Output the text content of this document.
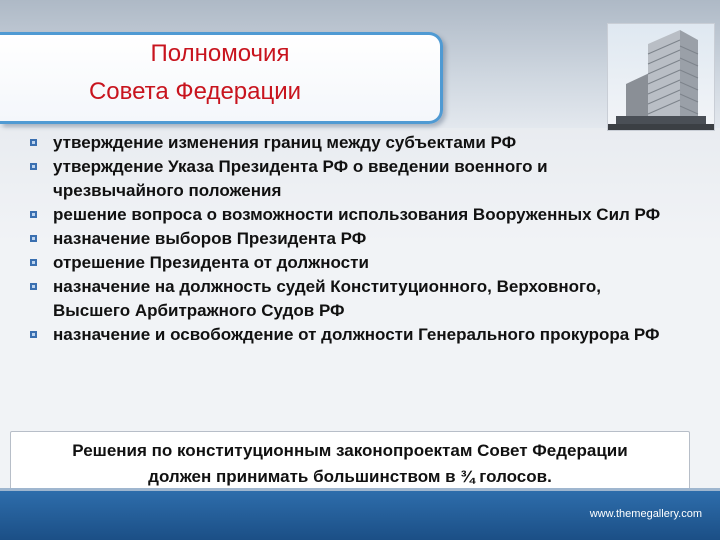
Полномочия
Совета Федерации
утверждение изменения границ между субъектами РФ
утверждение Указа Президента РФ о введении военного и чрезвычайного положения
решение вопроса о возможности использования Вооруженных Сил РФ
назначение выборов Президента РФ
отрешение Президента от должности
назначение на должность судей Конституционного, Верховного, Высшего Арбитражного Судов РФ
назначение и освобождение от должности Генерального прокурора РФ
Решения по конституционным законопроектам Совет Федерации
должен принимать большинством в ¾ голосов.
www.themegallery.com
